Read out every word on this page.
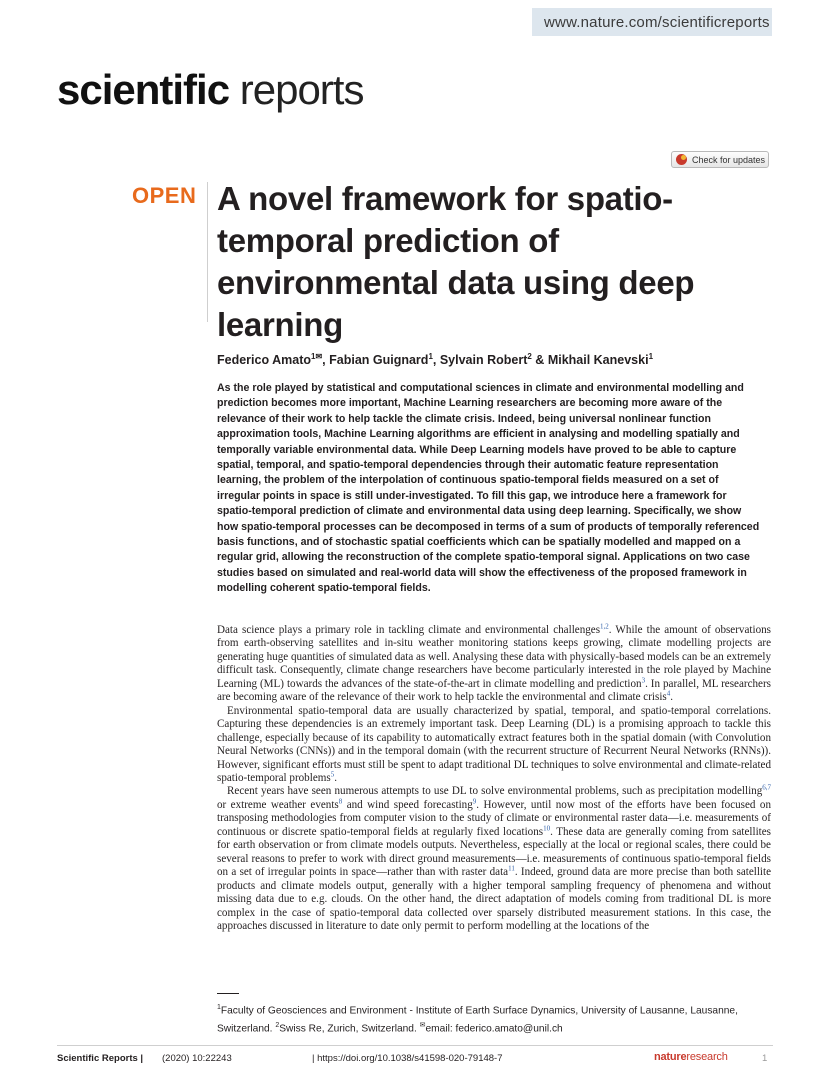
www.nature.com/scientificreports
scientific reports
Check for updates
OPEN A novel framework for spatio-temporal prediction of environmental data using deep learning
Federico Amato$^{1✉}$, Fabian Guignard$^1$, Sylvain Robert$^2$ & Mikhail Kanevski$^1$

As the role played by statistical and computational sciences in climate and environmental modelling and prediction becomes more important, Machine Learning researchers are becoming more aware of the relevance of their work to help tackle the climate crisis. Indeed, being universal nonlinear function approximation tools, Machine Learning algorithms are efficient in analysing and modelling spatially and temporally variable environmental data. While Deep Learning models have proved to be able to capture spatial, temporal, and spatio-temporal dependencies through their automatic feature representation learning, the problem of the interpolation of continuous spatio-temporal fields measured on a set of irregular points in space is still under-investigated. To fill this gap, we introduce here a framework for spatio-temporal prediction of climate and environmental data using deep learning. Specifically, we show how spatio-temporal processes can be decomposed in terms of a sum of products of temporally referenced basis functions, and of stochastic spatial coefficients which can be spatially modelled and mapped on a regular grid, allowing the reconstruction of the complete spatio-temporal signal. Applications on two case studies based on simulated and real-world data will show the effectiveness of the proposed framework in modelling coherent spatio-temporal fields.

Data science plays a primary role in tackling climate and environmental challenges$^{1,2}$. While the amount of observations from earth-observing satellites and in-situ weather monitoring stations keeps growing, climate modelling projects are generating huge quantities of simulated data as well. Analysing these data with physically-based models can be an extremely difficult task. Consequently, climate change researchers have become particularly interested in the role played by Machine Learning (ML) towards the advances of the state-of-the-art in climate modelling and prediction$^3$. In parallel, ML researchers are becoming aware of the relevance of their work to help tackle the environmental and climate crisis$^4$.

Environmental spatio-temporal data are usually characterized by spatial, temporal, and spatio-temporal correlations. Capturing these dependencies is an extremely important task. Deep Learning (DL) is a promising approach to tackle this challenge, especially because of its capability to automatically extract features both in the spatial domain (with Convolution Neural Networks (CNNs)) and in the temporal domain (with the recurrent structure of Recurrent Neural Networks (RNNs)). However, significant efforts must still be spent to adapt traditional DL techniques to solve environmental and climate-related spatio-temporal problems$^5$.

Recent years have seen numerous attempts to use DL to solve environmental problems, such as precipitation modelling$^{6,7}$ or extreme weather events$^8$ and wind speed forecasting$^9$. However, until now most of the efforts have been focused on transposing methodologies from computer vision to the study of climate or environmental raster data—i.e. measurements of continuous or discrete spatio-temporal fields at regularly fixed locations$^{10}$. These data are generally coming from satellites for earth observation or from climate models outputs. Nevertheless, especially at the local or regional scales, there could be several reasons to prefer to work with direct ground measurements—i.e. measurements of continuous spatio-temporal fields on a set of irregular points in space—rather than with raster data$^{11}$. Indeed, ground data are more precise than both satellite products and climate models output, generally with a higher temporal sampling frequency of phenomena and without missing data due to e.g. clouds. On the other hand, the direct adaptation of models coming from traditional DL is more complex in the case of spatio-temporal data collected over sparsely distributed measurement stations. In this case, the approaches discussed in literature to date only permit to perform modelling at the locations of the

$^1$Faculty of Geosciences and Environment - Institute of Earth Surface Dynamics, University of Lausanne, Lausanne, Switzerland. $^2$Swiss Re, Zurich, Switzerland. ✉email: federico.amato@unil.ch
Scientific Reports | (2020) 10:22243	| https://doi.org/10.1038/s41598-020-79148-7	natureresearch	1
